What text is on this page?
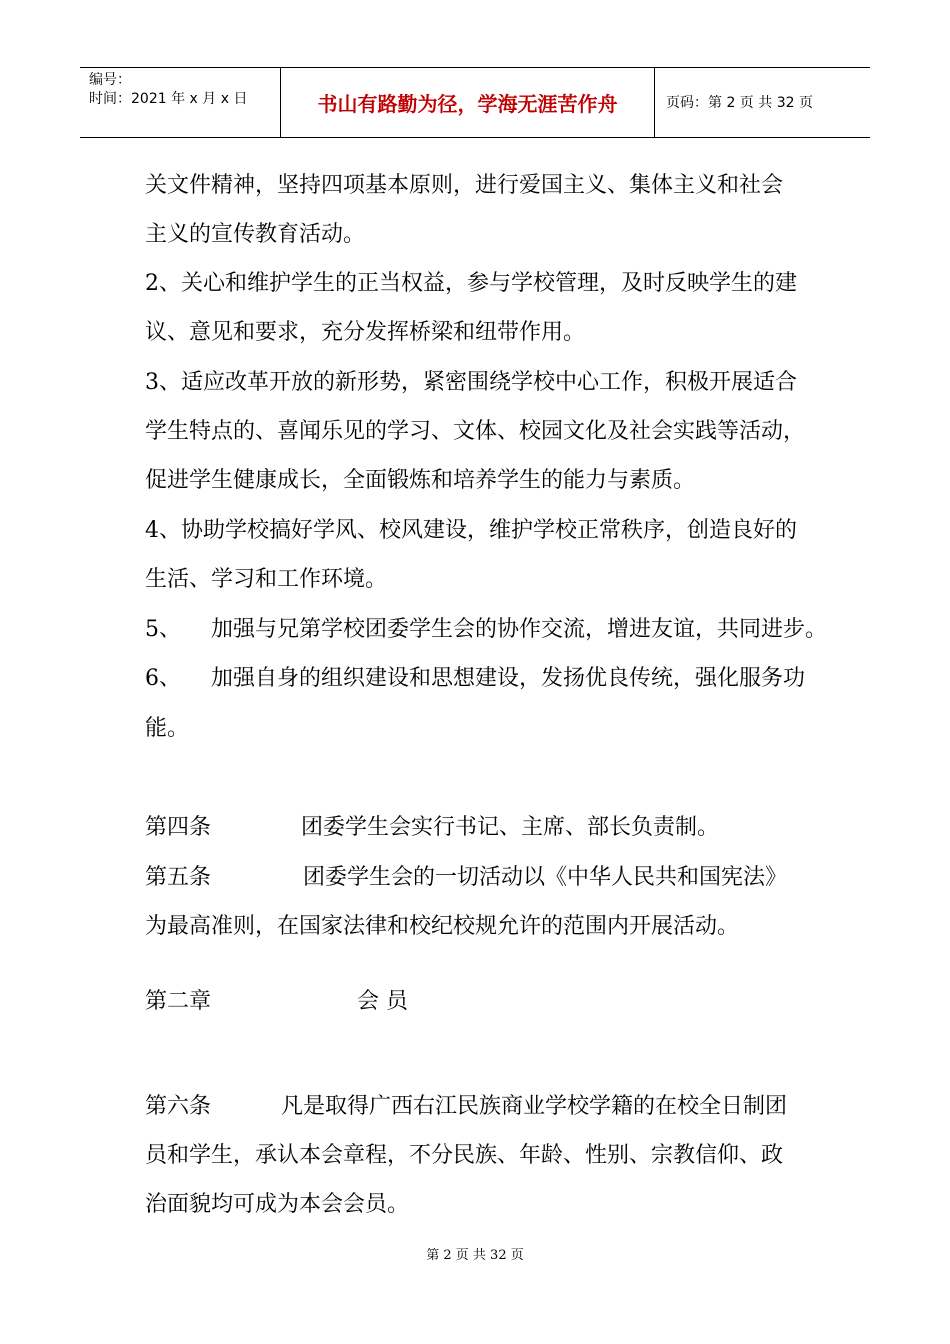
编号：
时间：2021 年 x 月 x 日	书山有路勤为径，学海无涯苦作舟	页码：第 2 页 共 32 页
关文件精神，坚持四项基本原则，进行爱国主义、集体主义和社会
主义的宣传教育活动。
2、关心和维护学生的正当权益，参与学校管理，及时反映学生的建
议、意见和要求，充分发挥桥梁和纽带作用。
3、适应改革开放的新形势，紧密围绕学校中心工作，积极开展适合
学生特点的、喜闻乐见的学习、文体、校园文化及社会实践等活动，
促进学生健康成长，全面锻炼和培养学生的能力与素质。
4、协助学校搞好学风、校风建设，维护学校正常秩序，创造良好的
生活、学习和工作环境。
5、 加强与兄第学校团委学生会的协作交流，增进友谊，共同进步。
6、 加强自身的组织建设和思想建设，发扬优良传统，强化服务功
能。
第四条	团委学生会实行书记、主席、部长负责制。
第五条	团委学生会的一切活动以《中华人民共和国宪法》
为最高准则，在国家法律和校纪校规允许的范围内开展活动。
第二章	会 员
第六条	凡是取得广西右江民族商业学校学籍的在校全日制团
员和学生，承认本会章程，不分民族、年龄、性别、宗教信仰、政
治面貌均可成为本会会员。
第 2 页 共 32 页
